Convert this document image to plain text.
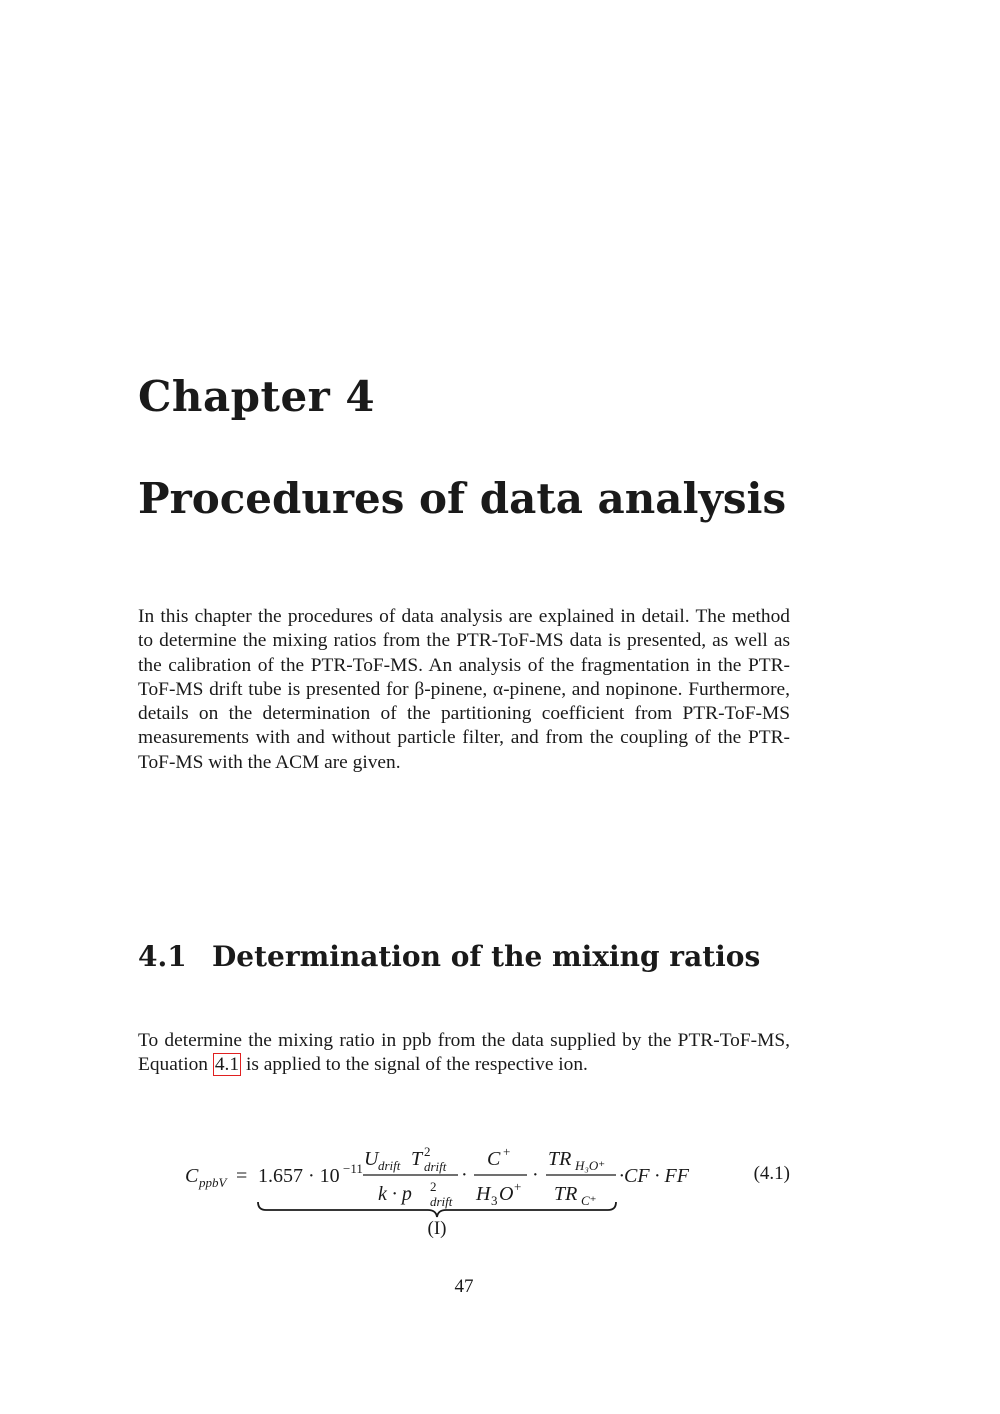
Chapter 4
Procedures of data analysis

In this chapter the procedures of data analysis are explained in detail. The method to determine the mixing ratios from the PTR-ToF-MS data is presented, as well as the calibration of the PTR-ToF-MS. An analysis of the fragmentation in the PTR-ToF-MS drift tube is presented for β-pinene, α-pinene, and nopinone. Furthermore, details on the determination of the partitioning coefficient from PTR-ToF-MS measurements with and without particle filter, and from the coupling of the PTR-ToF-MS with the ACM are given.

4.1 Determination of the mixing ratios

To determine the mixing ratio in ppb from the data supplied by the PTR-ToF-MS, Equation 4.1 is applied to the signal of the respective ion.

C ppbV = 1.657 · 10 −11 U drift T 2
drift
k · p 2
drift
·
C +
H 3 O +
·
TR H₃O⁺
TR C⁺
·CF · FF
(I)
(4.1)
47
